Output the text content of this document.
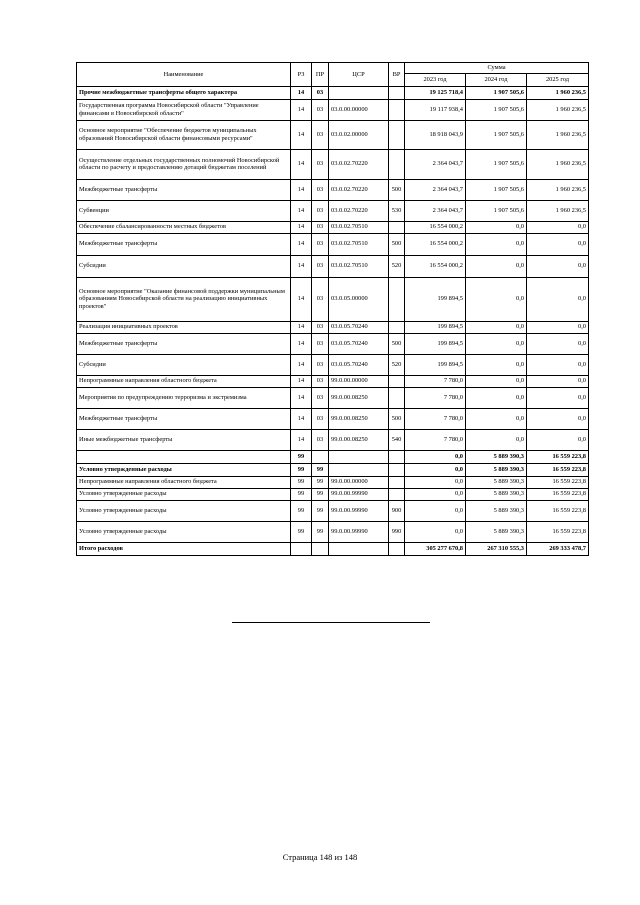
Наименование	РЗ	ПР	ЦСР	ВР	Сумма		
					2023 год	2024 год	2025 год
Прочие межбюджетные трансферты общего характера	14	03			19 125 718,4	1 907 505,6	1 960 236,5
Государственная программа Новосибирской области "Управление финансами в Новосибирской области"	14	03	03.0.00.00000		19 117 938,4	1 907 505,6	1 960 236,5
Основное мероприятие "Обеспечение бюджетов муниципальных образований Новосибирской области финансовыми ресурсами"	14	03	03.0.02.00000		18 918 043,9	1 907 505,6	1 960 236,5
Осуществление отдельных государственных полномочий Новосибирской области по расчету и предоставлению дотаций бюджетам поселений	14	03	03.0.02.70220		2 364 043,7	1 907 505,6	1 960 236,5
Межбюджетные трансферты	14	03	03.0.02.70220	500	2 364 043,7	1 907 505,6	1 960 236,5
Субвенции	14	03	03.0.02.70220	530	2 364 043,7	1 907 505,6	1 960 236,5
Обеспечение сбалансированности местных бюджетов	14	03	03.0.02.70510		16 554 000,2	0,0	0,0
Межбюджетные трансферты	14	03	03.0.02.70510	500	16 554 000,2	0,0	0,0
Субсидии	14	03	03.0.02.70510	520	16 554 000,2	0,0	0,0
Основное мероприятие "Оказание финансовой поддержки муниципальным образованиям Новосибирской области на реализацию инициативных проектов"	14	03	03.0.05.00000		199 894,5	0,0	0,0
Реализация инициативных проектов	14	03	03.0.05.70240		199 894,5	0,0	0,0
Межбюджетные трансферты	14	03	03.0.05.70240	500	199 894,5	0,0	0,0
Субсидии	14	03	03.0.05.70240	520	199 894,5	0,0	0,0
Непрограммные направления областного бюджета	14	03	99.0.00.00000		7 780,0	0,0	0,0
Мероприятия по предупреждению терроризма и экстремизма	14	03	99.0.00.08250		7 780,0	0,0	0,0
Межбюджетные трансферты	14	03	99.0.00.08250	500	7 780,0	0,0	0,0
Иные межбюджетные трансферты	14	03	99.0.00.08250	540	7 780,0	0,0	0,0
	99				0,0	5 889 390,3	16 559 223,8
Условно утвержденные расходы	99	99			0,0	5 889 390,3	16 559 223,8
Непрограммные направления областного бюджета	99	99	99.0.00.00000		0,0	5 889 390,3	16 559 223,8
Условно утвержденные расходы	99	99	99.0.00.99990		0,0	5 889 390,3	16 559 223,8
Условно утвержденные расходы	99	99	99.0.00.99990	900	0,0	5 889 390,3	16 559 223,8
Условно утвержденные расходы	99	99	99.0.00.99990	990	0,0	5 889 390,3	16 559 223,8
Итого расходов					305 277 670,8	267 310 555,3	269 333 478,7
Страница 148 из 148
